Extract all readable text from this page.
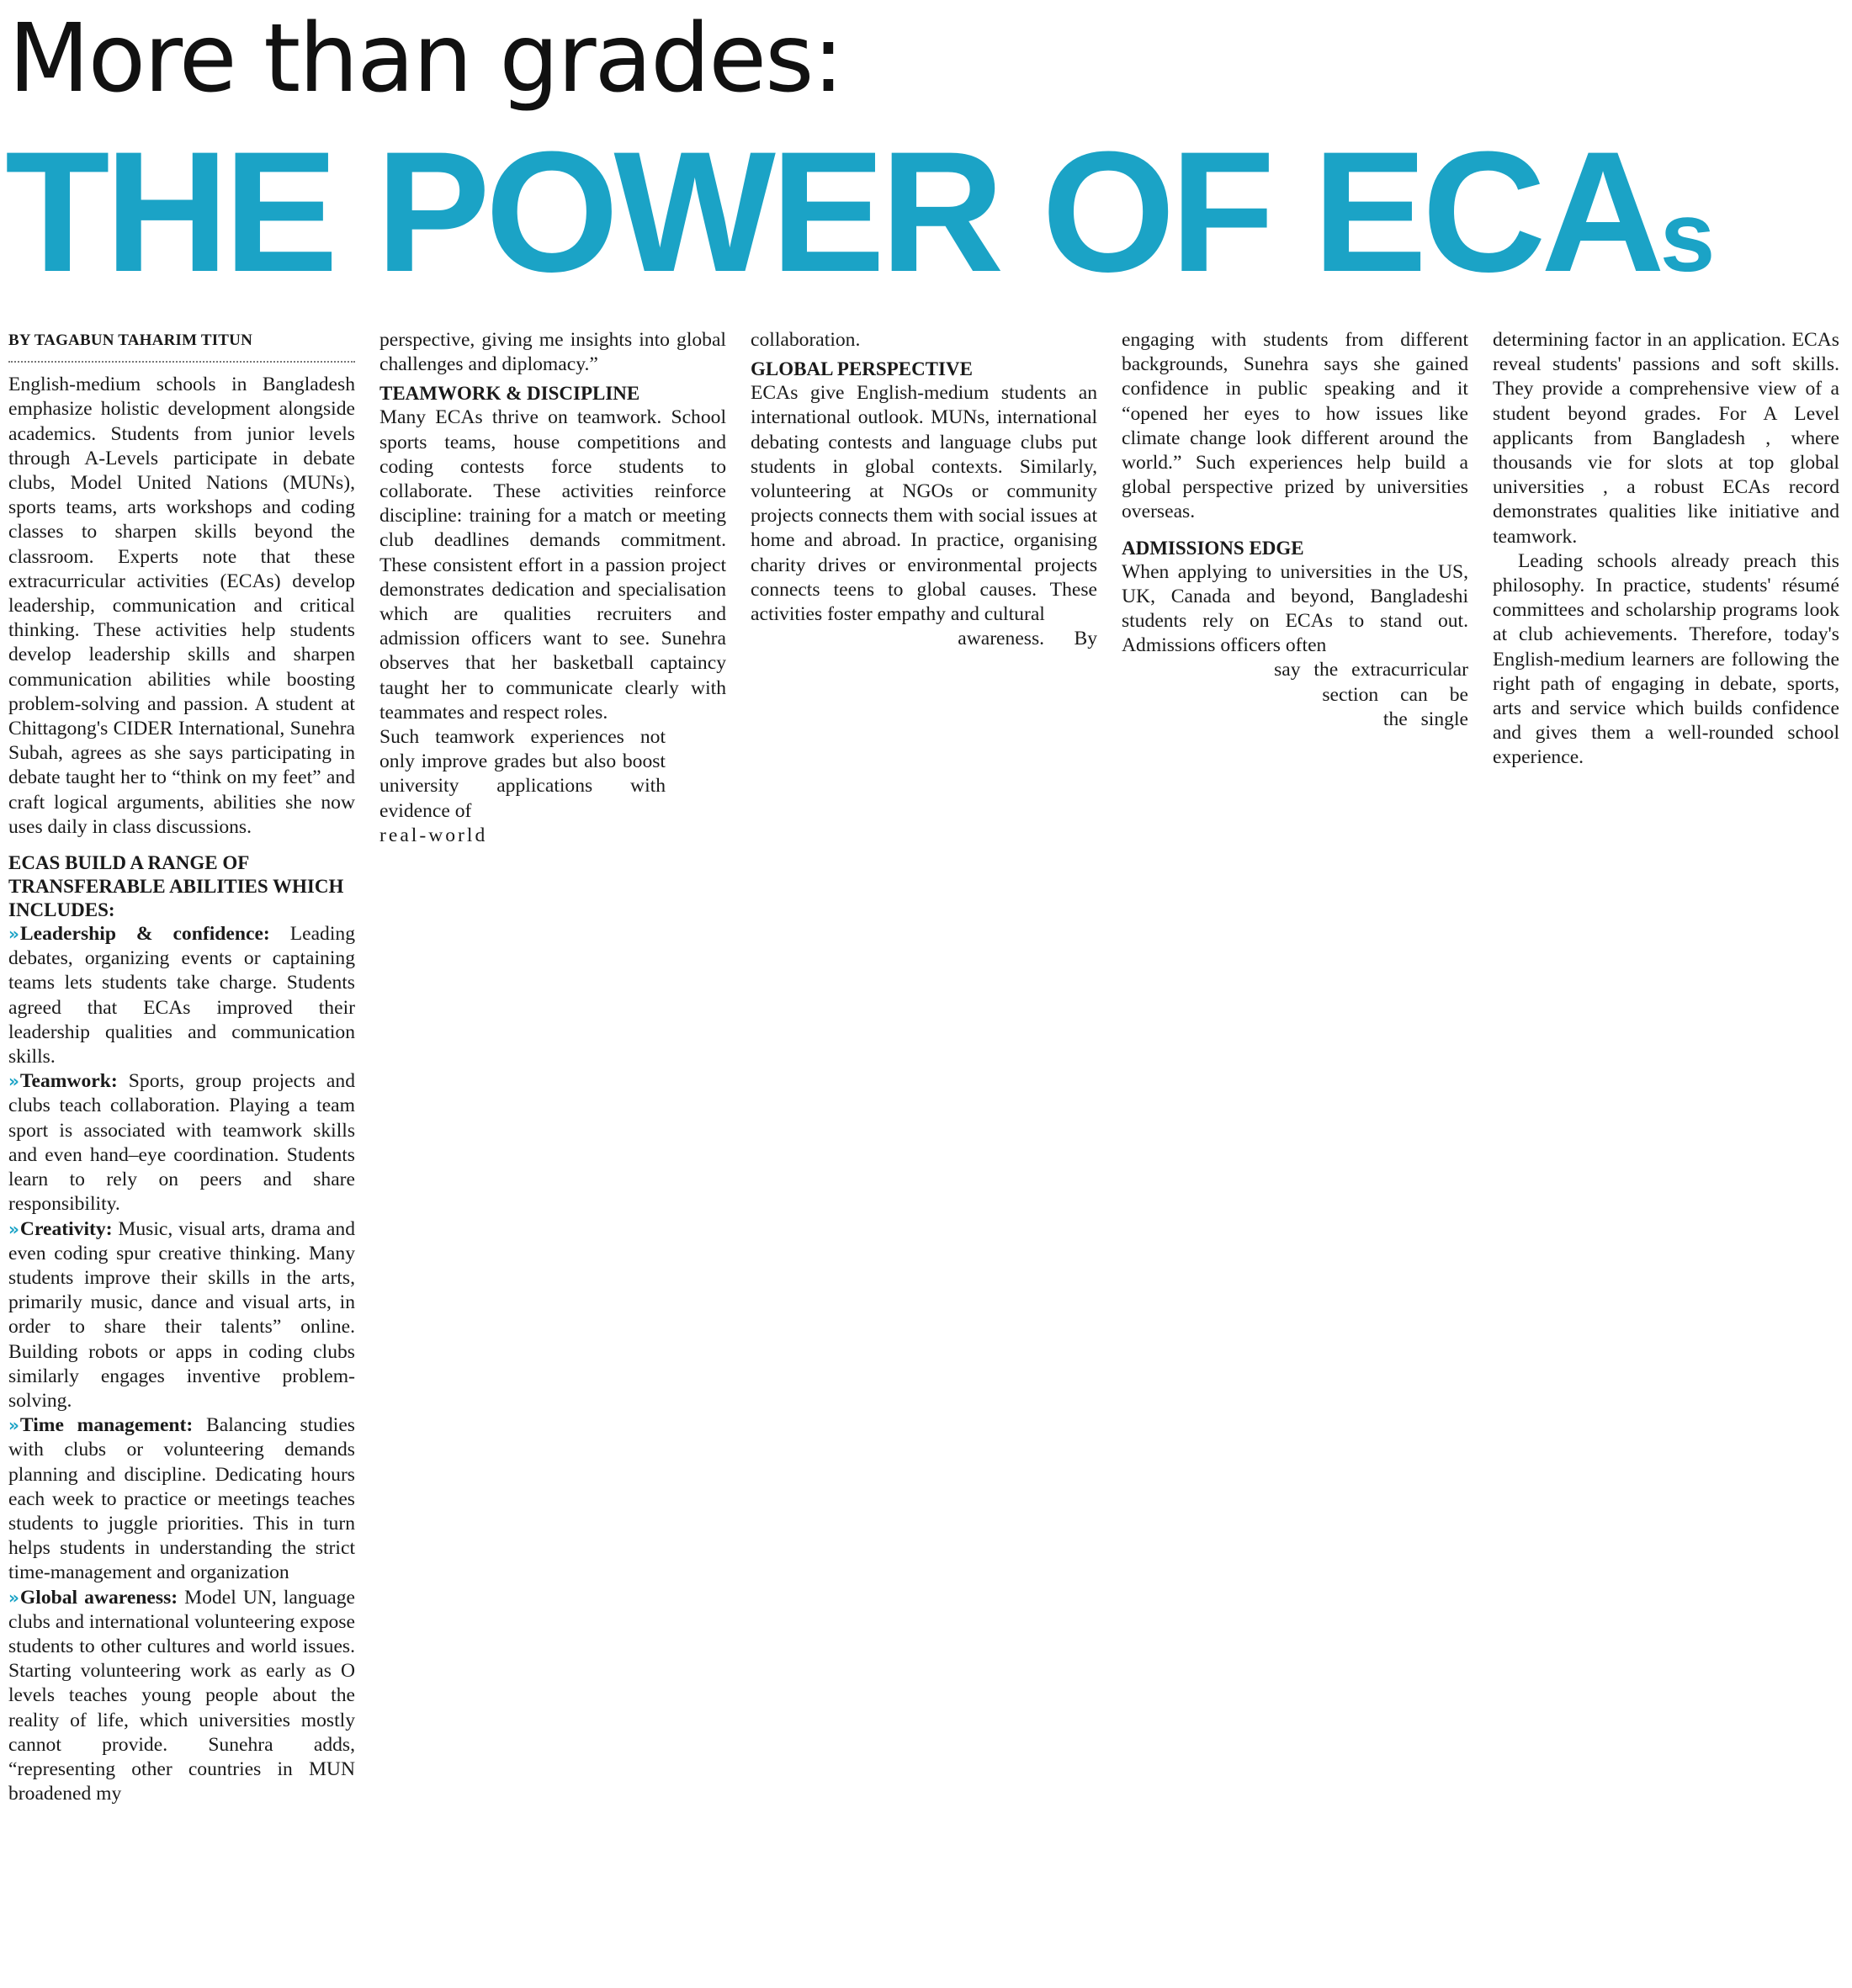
More than grades:
THE POWER OF ECAs
BY TAGABUN TAHARIM TITUN

English-medium schools in Bangladesh emphasize holistic development alongside academics. Students from junior levels through A-Levels participate in debate clubs, Model United Nations (MUNs), sports teams, arts workshops and coding classes to sharpen skills beyond the classroom. Experts note that these extracurricular activities (ECAs) develop leadership, communication and critical thinking. These activities help students develop leadership skills and sharpen communication abilities while boosting problem-solving and passion. A student at Chittagong's CIDER International, Sunehra Subah, agrees as she says participating in debate taught her to “think on my feet” and craft logical arguments, abilities she now uses daily in class discussions.

ECAS BUILD A RANGE OF TRANSFERABLE ABILITIES WHICH INCLUDES:

» Leadership & confidence: Leading debates, organizing events or captaining teams lets students take charge. Students agreed that ECAs improved their leadership qualities and communication skills.

» Teamwork: Sports, group projects and clubs teach collaboration. Playing a team sport is associated with teamwork skills and even hand–eye coordination. Students learn to rely on peers and share responsibility.

» Creativity: Music, visual arts, drama and even coding spur creative thinking. Many students improve their skills in the arts, primarily music, dance and visual arts, in order to share their talents” online. Building robots or apps in coding clubs similarly engages inventive problem-solving.

» Time management: Balancing studies with clubs or volunteering demands planning and discipline. Dedicating hours each week to practice or meetings teaches students to juggle priorities. This in turn helps students in understanding the strict time-management and organization

» Global awareness: Model UN, language clubs and international volunteering expose students to other cultures and world issues. Starting volunteering work as early as O levels teaches young people about the reality of life, which universities mostly cannot provide. Sunehra adds, “representing other countries in MUN broadened my

perspective, giving me insights into global challenges and diplomacy.”

TEAMWORK & DISCIPLINE

Many ECAs thrive on teamwork. School sports teams, house competitions and coding contests force students to collaborate. These activities reinforce discipline: training for a match or meeting club deadlines demands commitment. These consistent effort in a passion project demonstrates dedication and specialisation which are qualities recruiters and admission officers want to see. Sunehra observes that her basketball captaincy taught her to communicate clearly with teammates and respect roles.

Such teamwork experiences not only improve grades but also boost university applications with evidence of

real-world

collaboration.

GLOBAL PERSPECTIVE

ECAs give English-medium students an international outlook. MUNs, international debating contests and language clubs put students in global contexts. Similarly, volunteering at NGOs or community projects connects them with social issues at home and abroad. In practice, organising charity drives or environmental projects connects teens to global causes. These activities foster empathy and cultural

awareness.      By

engaging with students from different backgrounds, Sunehra says she gained confidence in public speaking and it “opened her eyes to how issues like climate change look different around the world.” Such experiences help build a global perspective prized by universities overseas.

ADMISSIONS EDGE

When applying to universities in the US, UK, Canada and beyond, Bangladeshi students rely on ECAs to stand out. Admissions officers often

say the extracurricular

section can be

the single

determining factor in an application. ECAs reveal students' passions and soft skills. They provide a comprehensive view of a student beyond grades. For A Level applicants from Bangladesh , where thousands vie for slots at top global universities , a robust ECAs record demonstrates qualities like initiative and teamwork.

Leading schools already preach this philosophy. In practice, students' résumé committees and scholarship programs look at club achievements. Therefore, today's English-medium learners are following the right path of engaging in debate, sports, arts and service which builds confidence and gives them a well-rounded school experience.
